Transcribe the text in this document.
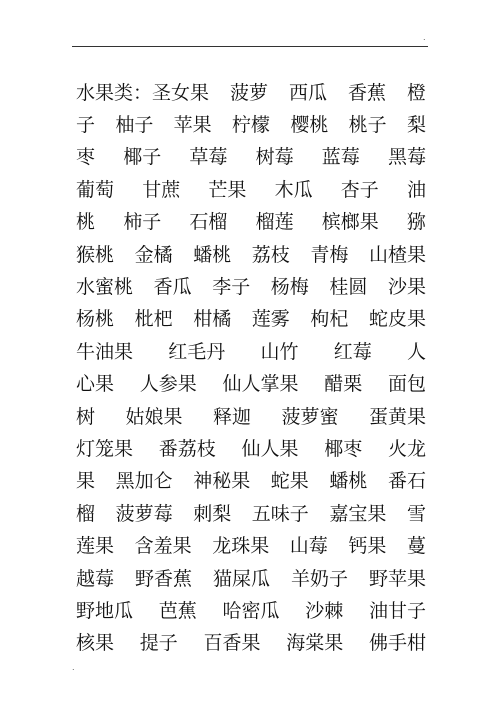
.
水果类：圣女果 菠萝 西瓜 香蕉 橙
子 柚子 苹果 柠檬 樱桃 桃子 梨
枣 椰子 草莓 树莓 蓝莓 黑莓
葡萄 甘蔗 芒果 木瓜 杏子 油
桃 柿子 石榴 榴莲 槟榔果 猕
猴桃 金橘 蟠桃 荔枝 青梅 山楂果
水蜜桃 香瓜 李子 杨梅 桂圆 沙果
杨桃 枇杷 柑橘 莲雾 枸杞 蛇皮果
牛油果 红毛丹 山竹 红莓 人
心果 人参果 仙人掌果 醋栗 面包
树 姑娘果 释迦 菠萝蜜 蛋黄果
灯笼果 番荔枝 仙人果 椰枣 火龙
果 黑加仑 神秘果 蛇果 蟠桃 番石
榴 菠萝莓 刺梨 五味子 嘉宝果 雪
莲果 含羞果 龙珠果 山莓 钙果 蔓
越莓 野香蕉 猫屎瓜 羊奶子 野苹果
野地瓜 芭蕉 哈密瓜 沙棘 油甘子
核果 提子 百香果 海棠果 佛手柑
.
